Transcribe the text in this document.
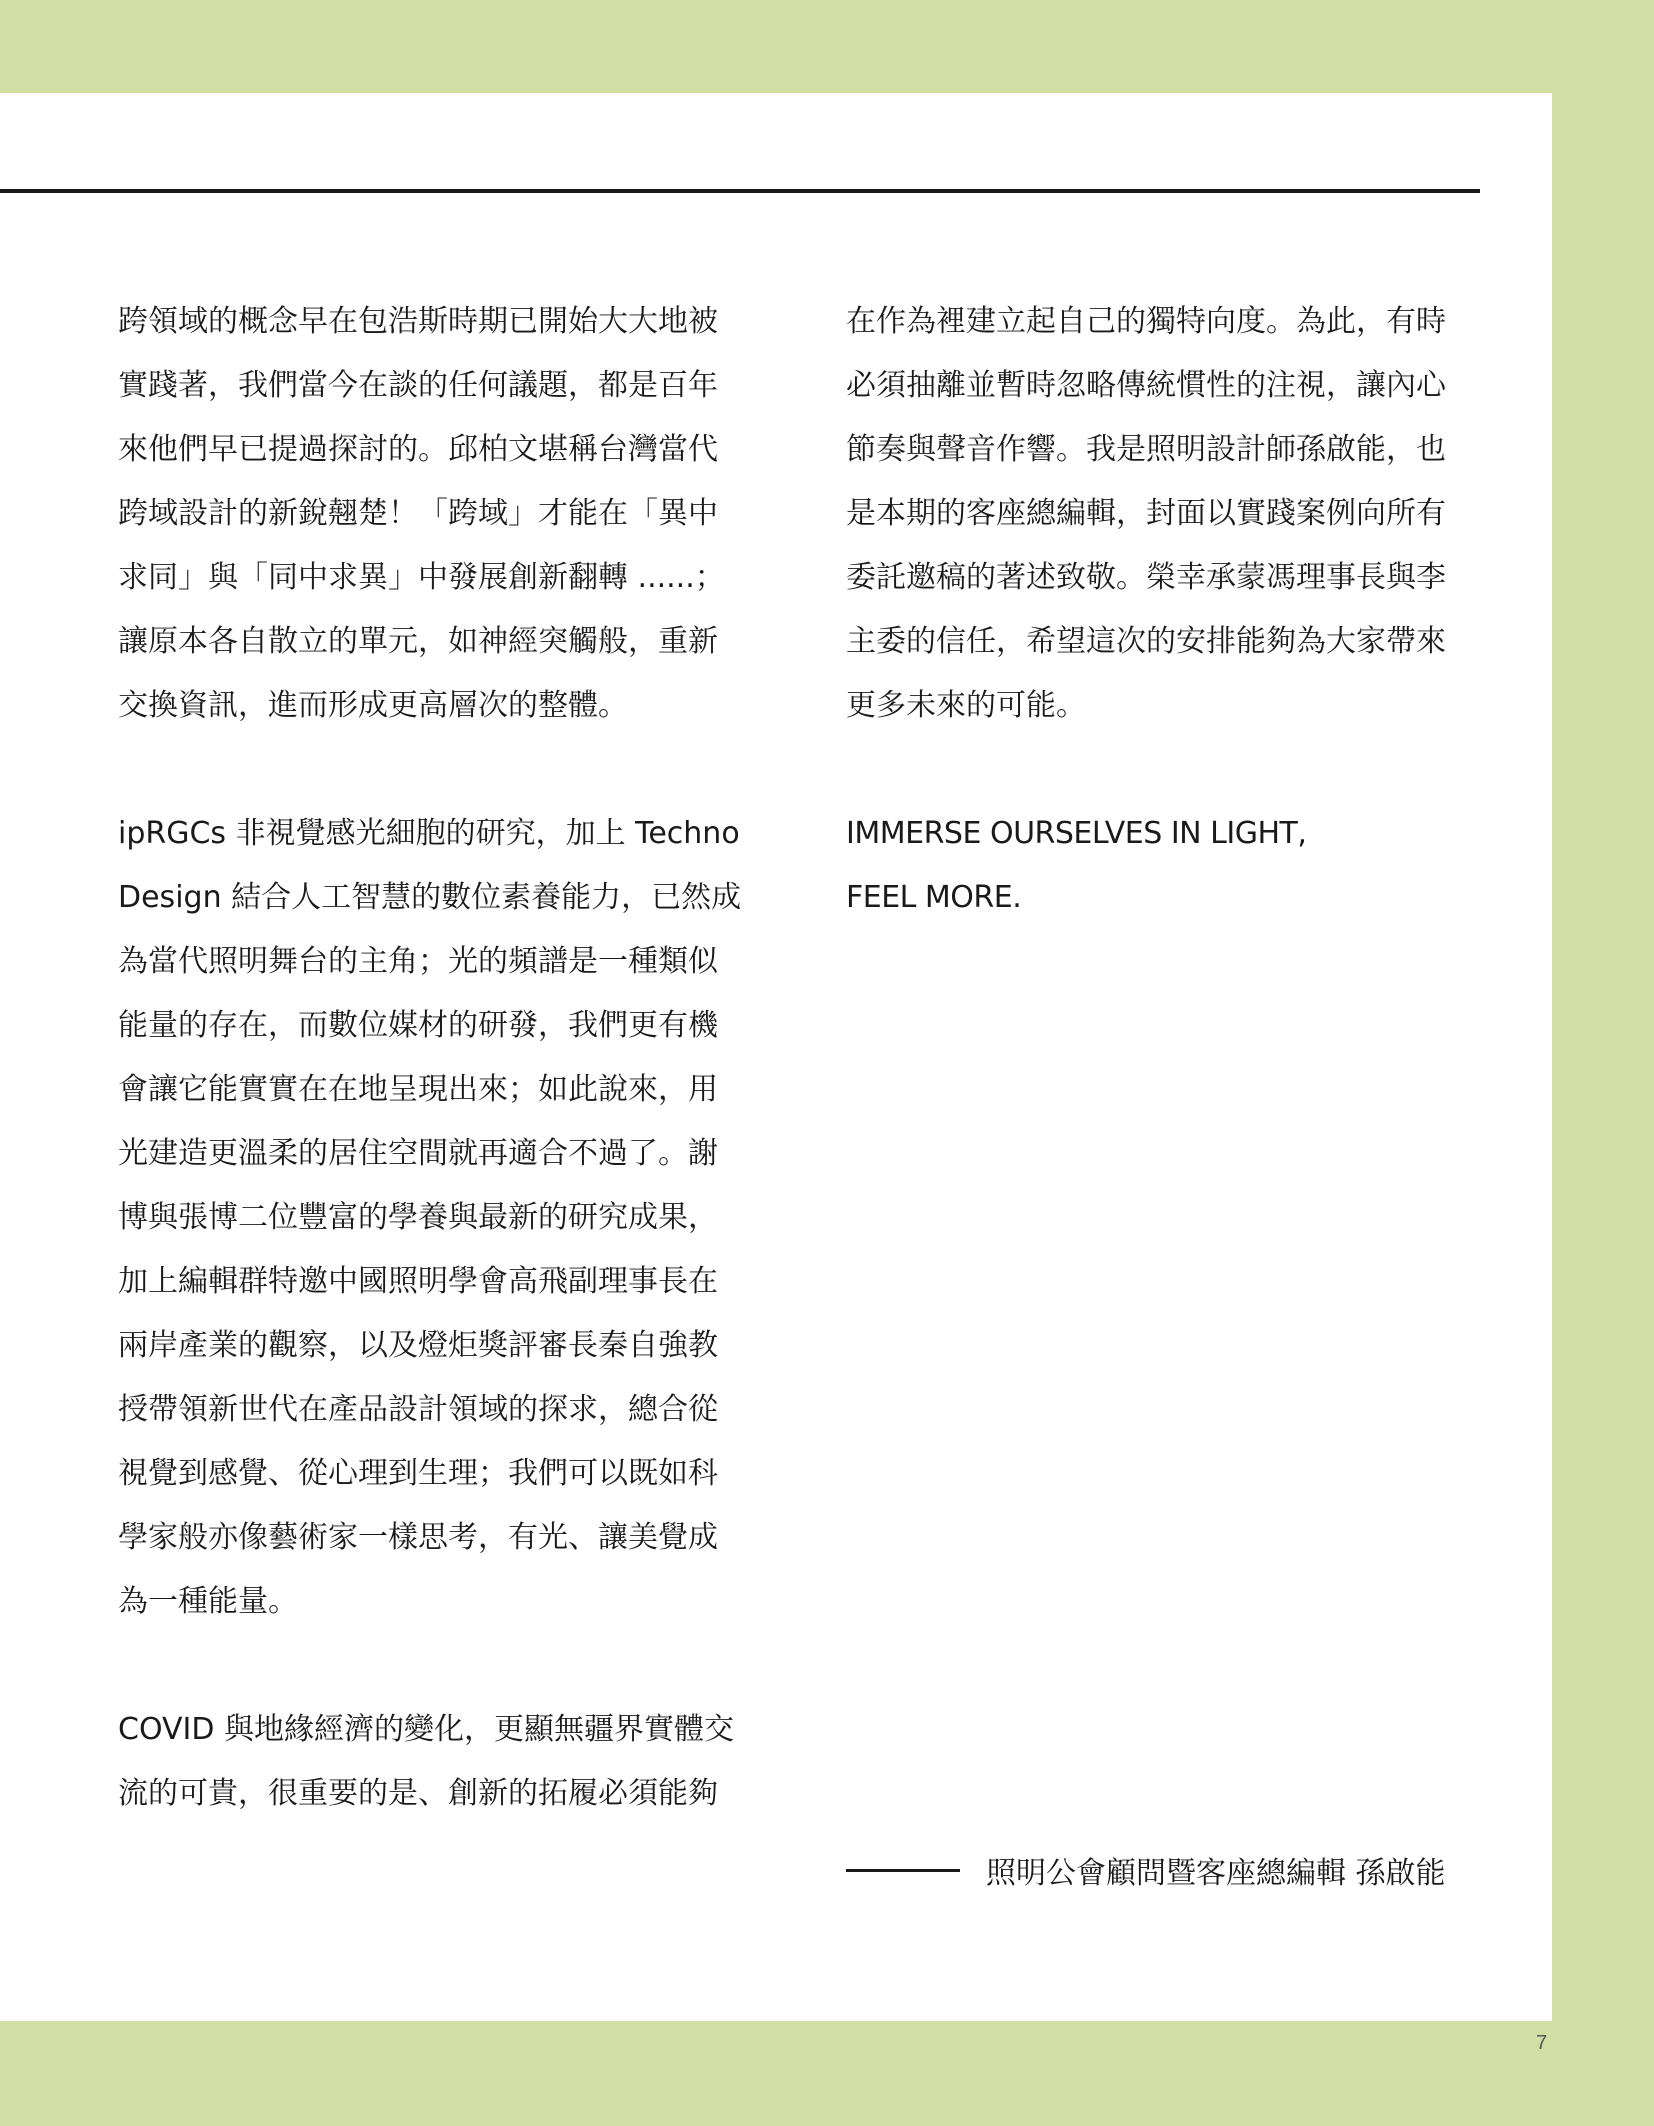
跨領域的概念早在包浩斯時期已開始大大地被
實踐著，我們當今在談的任何議題，都是百年
來他們早已提過探討的。邱柏文堪稱台灣當代
跨域設計的新銳翹楚！「跨域」才能在「異中
求同」與「同中求異」中發展創新翻轉 ......；
讓原本各自散立的單元，如神經突觸般，重新
交換資訊，進而形成更高層次的整體。

ipRGCs 非視覺感光細胞的研究，加上 Techno
Design 結合人工智慧的數位素養能力，已然成
為當代照明舞台的主角；光的頻譜是一種類似
能量的存在，而數位媒材的研發，我們更有機
會讓它能實實在在地呈現出來；如此說來，用
光建造更溫柔的居住空間就再適合不過了。謝
博與張博二位豐富的學養與最新的研究成果，
加上編輯群特邀中國照明學會高飛副理事長在
兩岸產業的觀察，以及燈炬獎評審長秦自強教
授帶領新世代在產品設計領域的探求，總合從
視覺到感覺、從心理到生理；我們可以既如科
學家般亦像藝術家一樣思考，有光、讓美覺成
為一種能量。

COVID 與地緣經濟的變化，更顯無疆界實體交
流的可貴，很重要的是、創新的拓履必須能夠

在作為裡建立起自己的獨特向度。為此，有時
必須抽離並暫時忽略傳統慣性的注視，讓內心
節奏與聲音作響。我是照明設計師孫啟能，也
是本期的客座總編輯，封面以實踐案例向所有
委託邀稿的著述致敬。榮幸承蒙馮理事長與李
主委的信任，希望這次的安排能夠為大家帶來
更多未來的可能。

IMMERSE OURSELVES IN LIGHT,
FEEL MORE.

照明公會顧問暨客座總編輯 孫啟能
7
